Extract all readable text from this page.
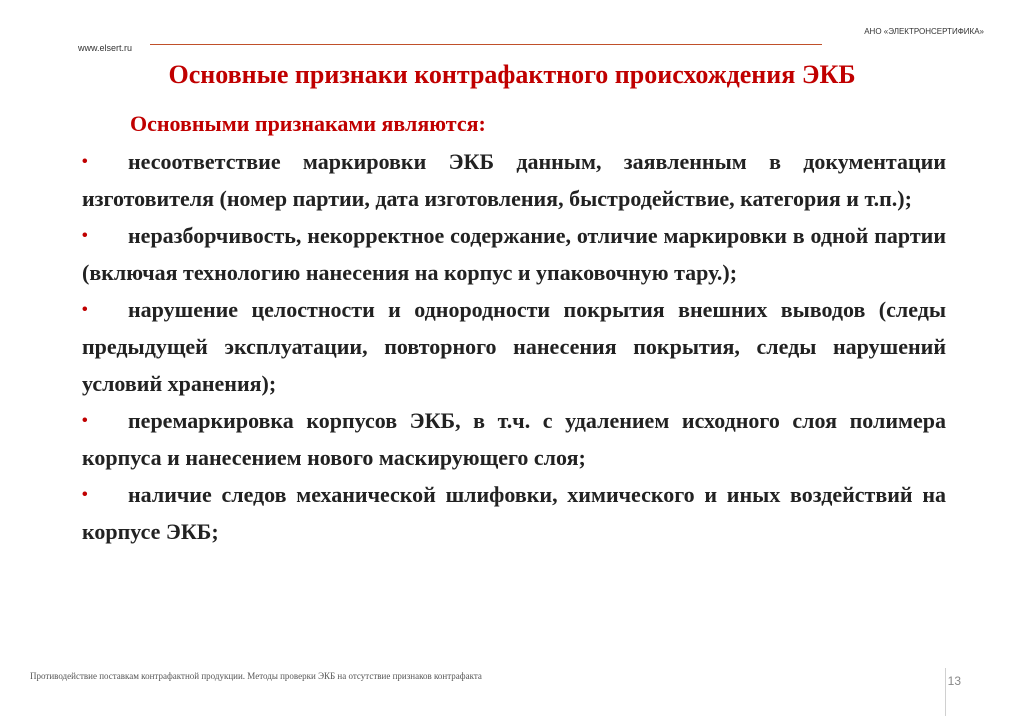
АНО «ЭЛЕКТРОНСЕРТИФИКА»
www.elsert.ru
Основные признаки контрафактного происхождения ЭКБ
Основными признаками являются:
• несоответствие маркировки ЭКБ данным, заявленным в документации изготовителя (номер партии, дата изготовления, быстродействие, категория и т.п.);
• неразборчивость, некорректное содержание, отличие маркировки в одной партии (включая технологию нанесения на корпус и упаковочную тару.);
• нарушение целостности и однородности покрытия внешних выводов (следы предыдущей эксплуатации, повторного нанесения покрытия, следы нарушений условий хранения);
• перемаркировка корпусов ЭКБ, в т.ч. с удалением исходного слоя полимера корпуса и нанесением нового маскирующего слоя;
• наличие следов механической шлифовки, химического и иных воздействий на корпусе ЭКБ;
Противодействие поставкам контрафактной продукции. Методы проверки ЭКБ на отсутствие признаков контрафакта	13
